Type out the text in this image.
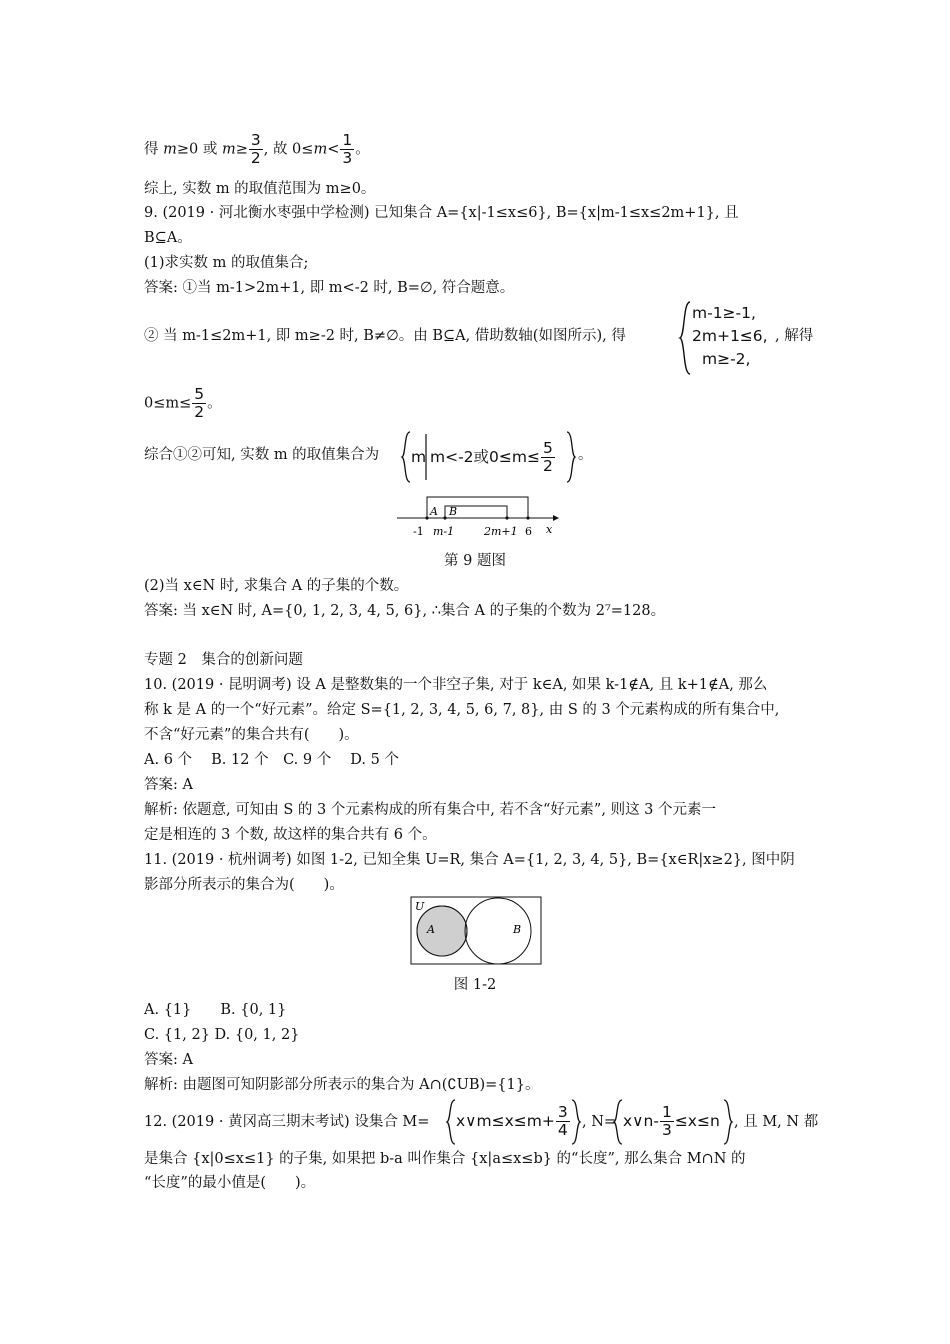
得 m≥0 或 $m\ge \frac{3}{2}$ , 故 $0\le m< \frac{1}{3}$ 。
综上, 实数 m 的取值范围为 m≥0。
9. (2019 · 河北衡水枣强中学检测) 已知集合 A={x|-1≤x≤6}, B={x|m-1≤x≤2m+1}, 且
B⊆A。
(1)求实数 m 的取值集合;
答案: ①当 m-1>2m+1, 即 m<-2 时, B=∅, 符合题意。
② 当 m-1≤2m+1, 即 m≥-2 时, B≠∅。由 B⊆A, 借助数轴(如图所示), 得
m-1≥-1,
2m+1≤6,
m≥-2,
, 解得
$0\le m\le \frac{5}{2}$ 。
综合①②可知, 实数 m 的取值集合为 m m<-2或$0\le m\le \frac{5}{2}$ 。
A B
-1 m-1	2m+1 6 x
第 9 题图
(2)当 x∈N 时, 求集合 A 的子集的个数。
答案: 当 x∈N 时, A={0, 1, 2, 3, 4, 5, 6}, ∴集合 A 的子集的个数为 2⁷=128。
专题 2　集合的创新问题
10. (2019 · 昆明调考) 设 A 是整数集的一个非空子集, 对于 k∈A, 如果 k-1∉A, 且 k+1∉A, 那么
称 k 是 A 的一个“好元素”。给定 S={1, 2, 3, 4, 5, 6, 7, 8}, 由 S 的 3 个元素构成的所有集合中,
不含“好元素”的集合共有(　　)。
A. 6 个　 B. 12 个　C. 9 个　 D. 5 个
答案: A
解析: 依题意, 可知由 S 的 3 个元素构成的所有集合中, 若不含“好元素”, 则这 3 个元素一
定是相连的 3 个数, 故这样的集合共有 6 个。
11. (2019 · 杭州调考) 如图 1-2, 已知全集 U=R, 集合 A={1, 2, 3, 4, 5}, B={x∈R|x≥2}, 图中阴
影部分所表示的集合为(　　)。
U
A	B
图 1-2
A. {1}　　B. {0, 1}
C. {1, 2} D. {0, 1, 2}
答案: A
解析: 由题图可知阴影部分所表示的集合为 A∩(∁UB)={1}。
12. (2019 · 黄冈高三期末考试) 设集合 M= x∨m≤x≤m+ $\frac{3}{4}$ , N= x∨n- $\frac{1}{3} \le x\le n$ , 且 M, N 都
是集合 {x|0≤x≤1} 的子集, 如果把 b-a 叫作集合 {x|a≤x≤b} 的“长度”, 那么集合 M∩N 的
“长度”的最小值是(　　)。
